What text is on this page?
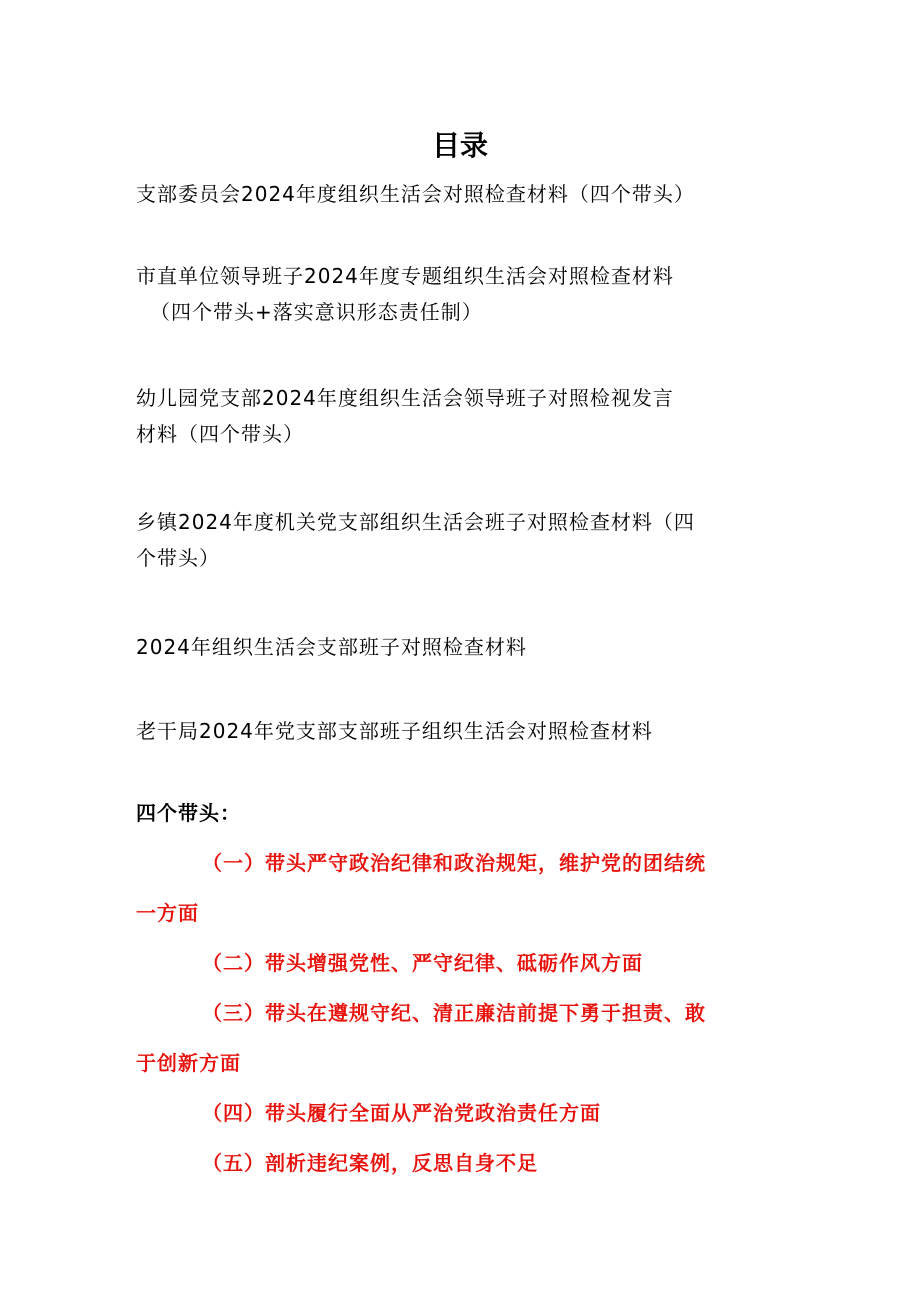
目录
支部委员会2024年度组织生活会对照检查材料（四个带头）
市直单位领导班子2024年度专题组织生活会对照检查材料
（四个带头+落实意识形态责任制）
幼儿园党支部2024年度组织生活会领导班子对照检视发言
材料（四个带头）
乡镇2024年度机关党支部组织生活会班子对照检查材料（四
个带头）
2024年组织生活会支部班子对照检查材料
老干局2024年党支部支部班子组织生活会对照检查材料
四个带头：
（一）带头严守政治纪律和政治规矩，维护党的团结统
一方面
（二）带头增强党性、严守纪律、砥砺作风方面
（三）带头在遵规守纪、清正廉洁前提下勇于担责、敢
于创新方面
（四）带头履行全面从严治党政治责任方面
（五）剖析违纪案例，反思自身不足
